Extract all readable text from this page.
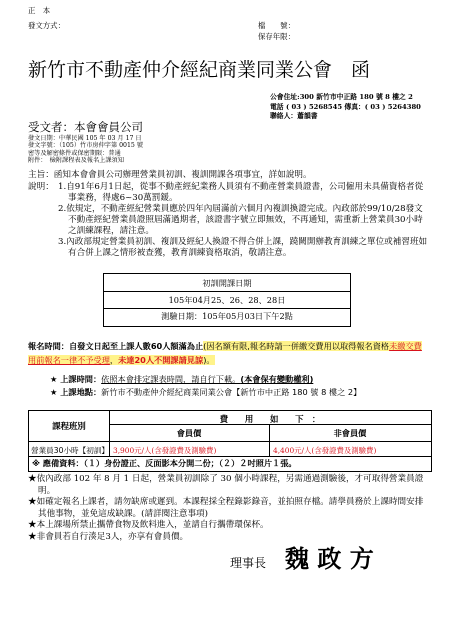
正　本
發文方式：	檔　　號：
保存年限：
新竹市不動產仲介經紀商業同業公會　函
公會住址:300 新竹市中正路 180 號 8 樓之 2
電話 ( 03 ) 5268545 傳真：( 03 ) 5264380
聯絡人：蕭韻書
受文者：本會會員公司
發文日期：中華民國 105 年 03 月 17 日
發文字號：（105）竹市房仲字第 0015 號
密等及解密條件或保密期限：普通
附件：　檢附課程表及報名上課須知
主旨：函知本會會員公司辦理營業員初訓、複訓開課各項事宜，詳如說明。
說明： 1.自91年6月1日起，從事不動產經紀業務人員須有不動產營業員證書，公司僱用未具備資格者從事業務，得處6~30萬罰鍰。
2.依規定，不動產經紀營業員應於四年內屆滿前六個月內複訓換證完成。內政部於99/10/28發文不動產經紀營業員證照屆滿過期者，該證書字號立即無效，不再通知，需重新上營業員30小時之訓練課程，請注意。
3.內政部規定營業員初訓、複訓及經紀人換證不得合併上課，蹺闕開辦教育訓練之單位或補習班如有合併上課之情形被查獲，教育訓練資格取消，敬請注意。
初訓開課日期
105年04月25、26、28、28日
測驗日期：105年05月03日下午2點
報名時間：自發文日起至上課人數60人額滿為止(因名額有限,報名時請一併繳交費用以取得報名資格未繳交費用前報名一律不予受理，未達20人不開課請見諒)。
★ 上課時間：依照本會排定課表時間，請自行下載。(本會保有變動權利)
★ 上課地點：新竹市不動產仲介經紀商業同業公會【新竹市中正路 180 號 8 樓之 2】
課程班別
費　　用　　如　　下　：
會員價	非會員價
營業員30小時【初訓】 3,900元/人(含發證費及測驗費)	4,400元/人(含發證費及測驗費)
※ 應備資料：（１）身份證正、反面影本分開二份；（２）２吋照片１張。
★依內政部 102 年 8 月 1 日起，營業員初訓除了 30 個小時課程，另需通過測驗後，才可取得營業員證明。
★如確定報名上課者，請勿缺席或遲到。本課程採全程錄影錄音，並拍照存檔。請學員務於上課時間安排其他事物，並免這成缺課。(請詳閱注意事項)
★本上課場所禁止攜帶食物及飲料進入，並請自行攜帶環保杯。
★非會員若自行湊足3人，亦享有會員價。
理事長 魏 政 方
